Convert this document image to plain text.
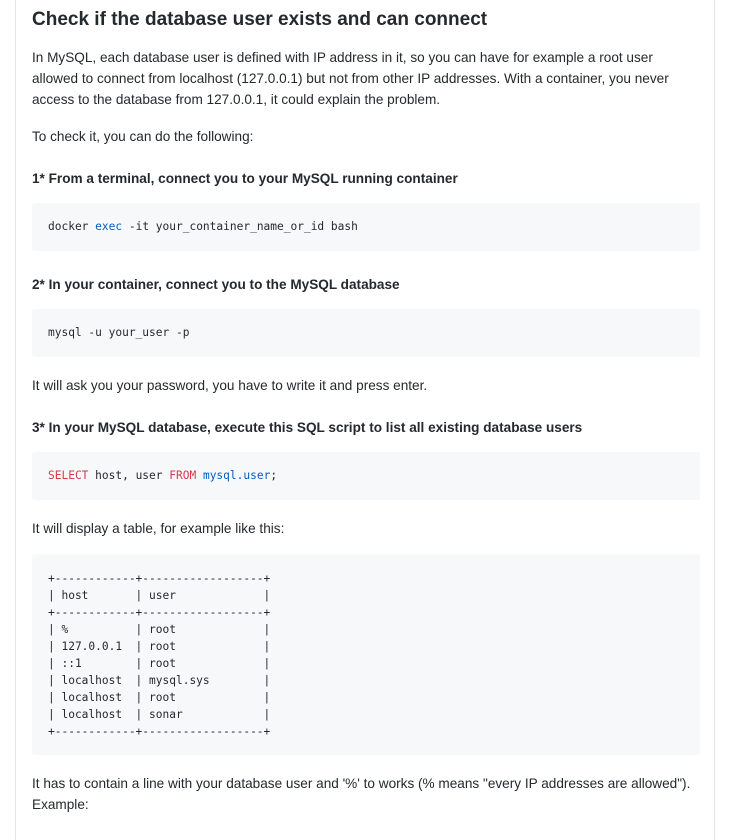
Check if the database user exists and can connect

In MySQL, each database user is defined with IP address in it, so you can have for example a root user allowed to connect from localhost (127.0.0.1) but not from other IP addresses. With a container, you never access to the database from 127.0.0.1, it could explain the problem.

To check it, you can do the following:

1* From a terminal, connect you to your MySQL running container
docker exec -it your_container_name_or_id bash
2* In your container, connect you to the MySQL database
mysql -u your_user -p

It will ask you your password, you have to write it and press enter.

3* In your MySQL database, execute this SQL script to list all existing database users
SELECT host, user FROM mysql.user;

It will display a table, for example like this:

+------------+------------------+
| host       | user             |
+------------+------------------+
| %          | root             |
| 127.0.0.1  | root             |
| ::1        | root             |
| localhost  | mysql.sys        |
| localhost  | root             |
| localhost  | sonar            |
+------------+------------------+

It has to contain a line with your database user and '%' to works (% means "every IP addresses are allowed"). Example:
